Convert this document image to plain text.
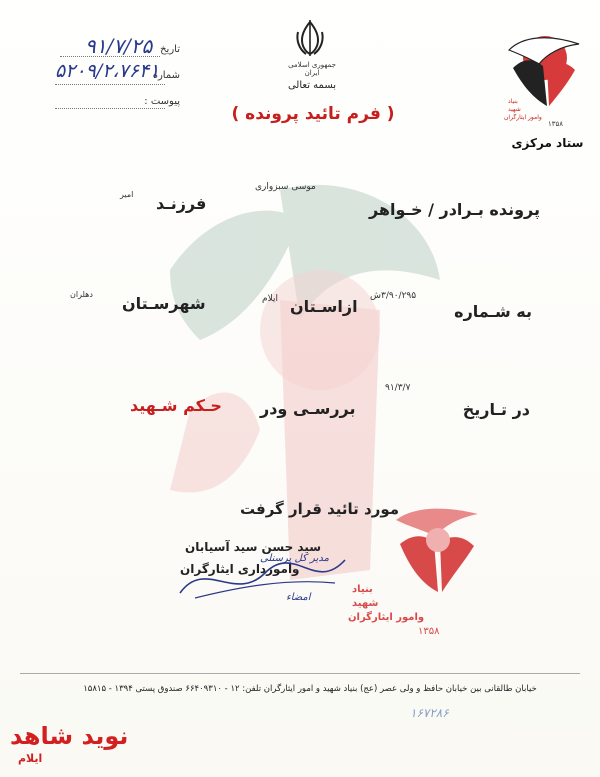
تاریخ
۹۱/۷/۲۵
شماره
۵۲۰۹/۲،۷۶۴۱
پیوست :
جمهوری اسلامی ایران
بسمه تعالی
( فرم تائید پرونده )
بنیاد
شهید
وامور ایثارگران
۱۳۵۸
ستاد مرکزی
پرونده بـرادر / خـواهر
موسی سبزواری
فرزنـد
امیر
به شـماره
۳/۹۰/۲۹۵ش
ازاسـتان
ایلام
شهرسـتان
دهلران
در تـاریخ
۹۱/۳/۷
بررسـی ودر
حـکم شـهید
مورد تائید قرار گرفت
سید حسن سید آسیابان
وامورداری ایثارگران
مدیر کل پرسنلی
امضاء
بنیاد
شهید
وامور ایثارگران
۱۳۵۸
خیابان طالقانی بین خیابان حافظ و ولی عصر (عج) بنیاد شهید و امور ایثارگران تلفن: ۱۲ - ۶۶۴۰۹۳۱۰ صندوق پستی ۱۳۹۴ - ۱۵۸۱۵
۱۶۷۲۸۶
نوید شاهد
ایلام
